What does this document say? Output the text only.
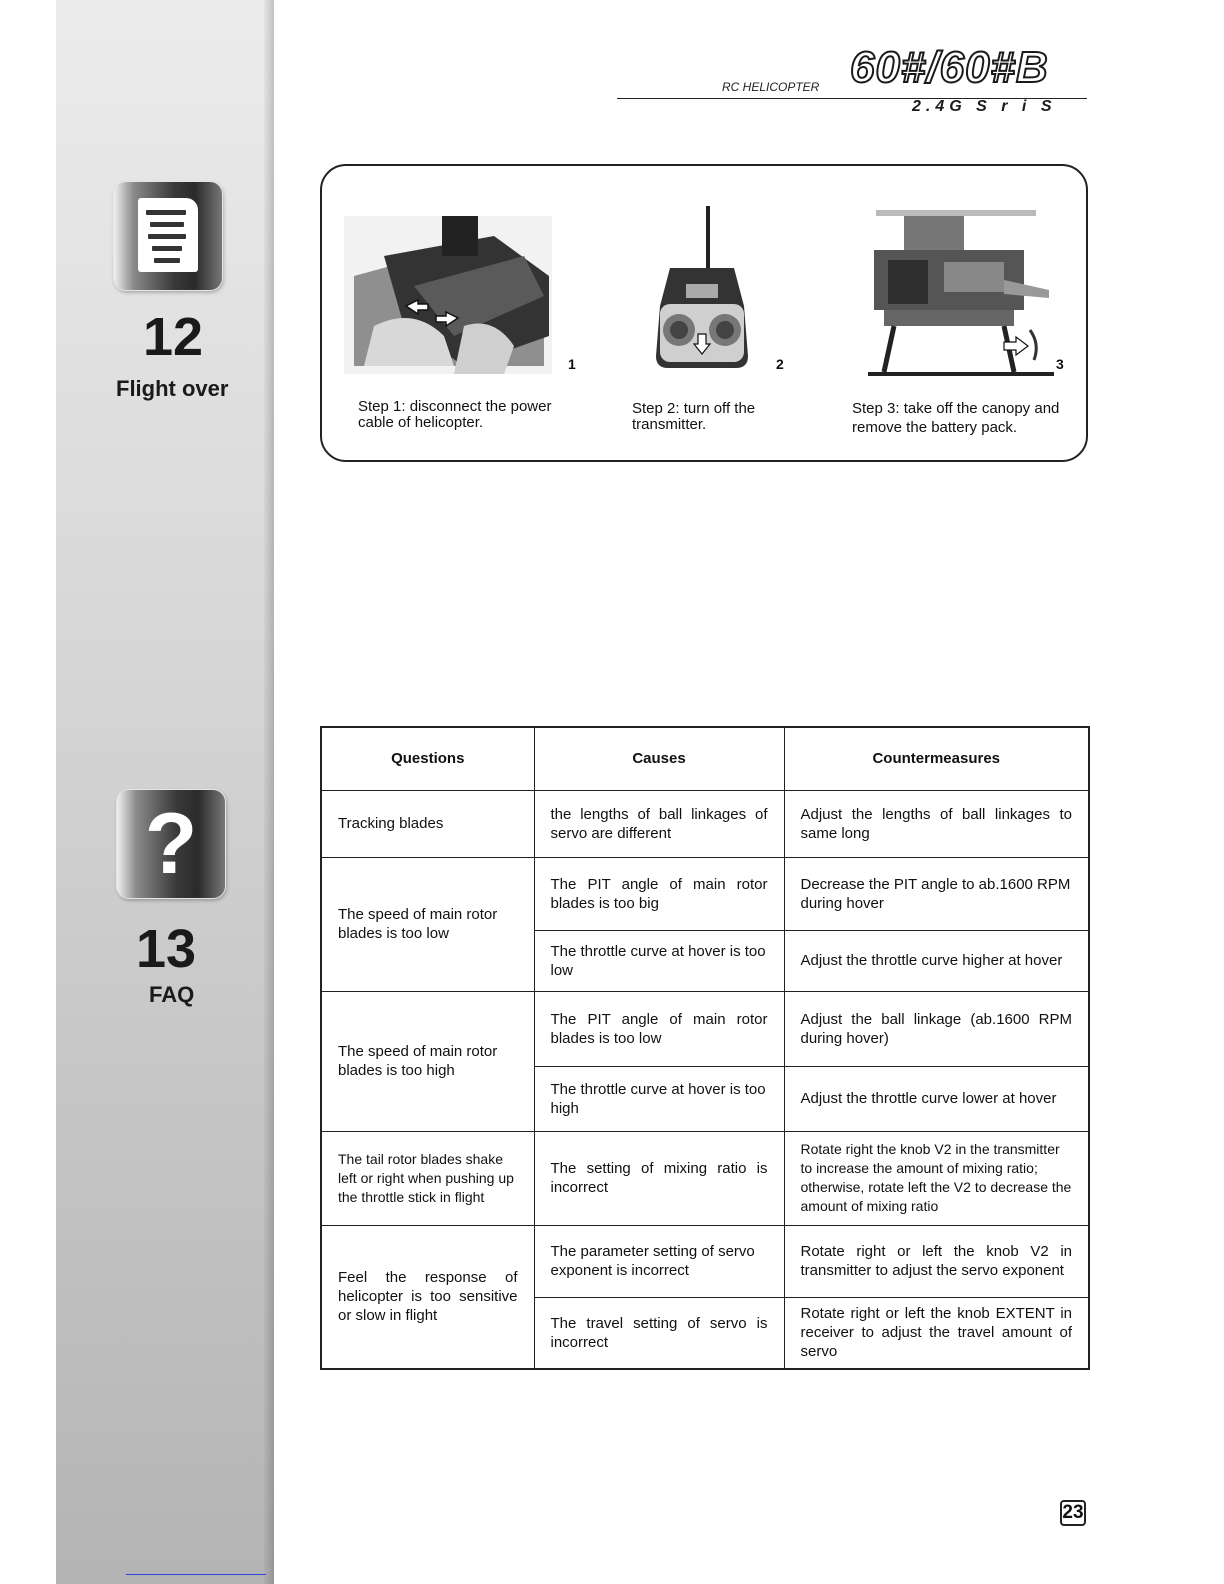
12
Flight over
?
13
FAQ
RC HELICOPTER 60#/60#B
2.4G S r i S
1
Step 1: disconnect the power cable of helicopter.
2
Step 2: turn off the transmitter.
3
Step 3: take off the canopy and remove the battery pack.
Questions	Causes	Countermeasures
Tracking blades	the lengths of ball linkages of servo are different	Adjust the lengths of ball linkages to same long
The speed of main rotor blades is too low	The PIT angle of main rotor blades is too big	Decrease the PIT angle to ab.1600 RPM during hover
	The throttle curve at hover is too low	Adjust the throttle curve higher at hover
The speed of main rotor blades is too high	The PIT angle of main rotor blades is too low	Adjust the ball linkage (ab.1600 RPM during hover)
	The throttle curve at hover is too high	Adjust the throttle curve lower at hover
The tail rotor blades shake left or right when pushing up the throttle stick in flight	The setting of mixing ratio is incorrect	Rotate right the knob V2 in the transmitter to increase the amount of mixing ratio; otherwise, rotate left the V2 to decrease the amount of mixing ratio
Feel the response of helicopter is too sensitive or slow in flight	The parameter setting of servo exponent is incorrect	Rotate right or left the knob V2 in transmitter to adjust the servo exponent
	The travel setting of servo is incorrect	Rotate right or left the knob EXTENT in receiver to adjust the travel amount of servo
23
